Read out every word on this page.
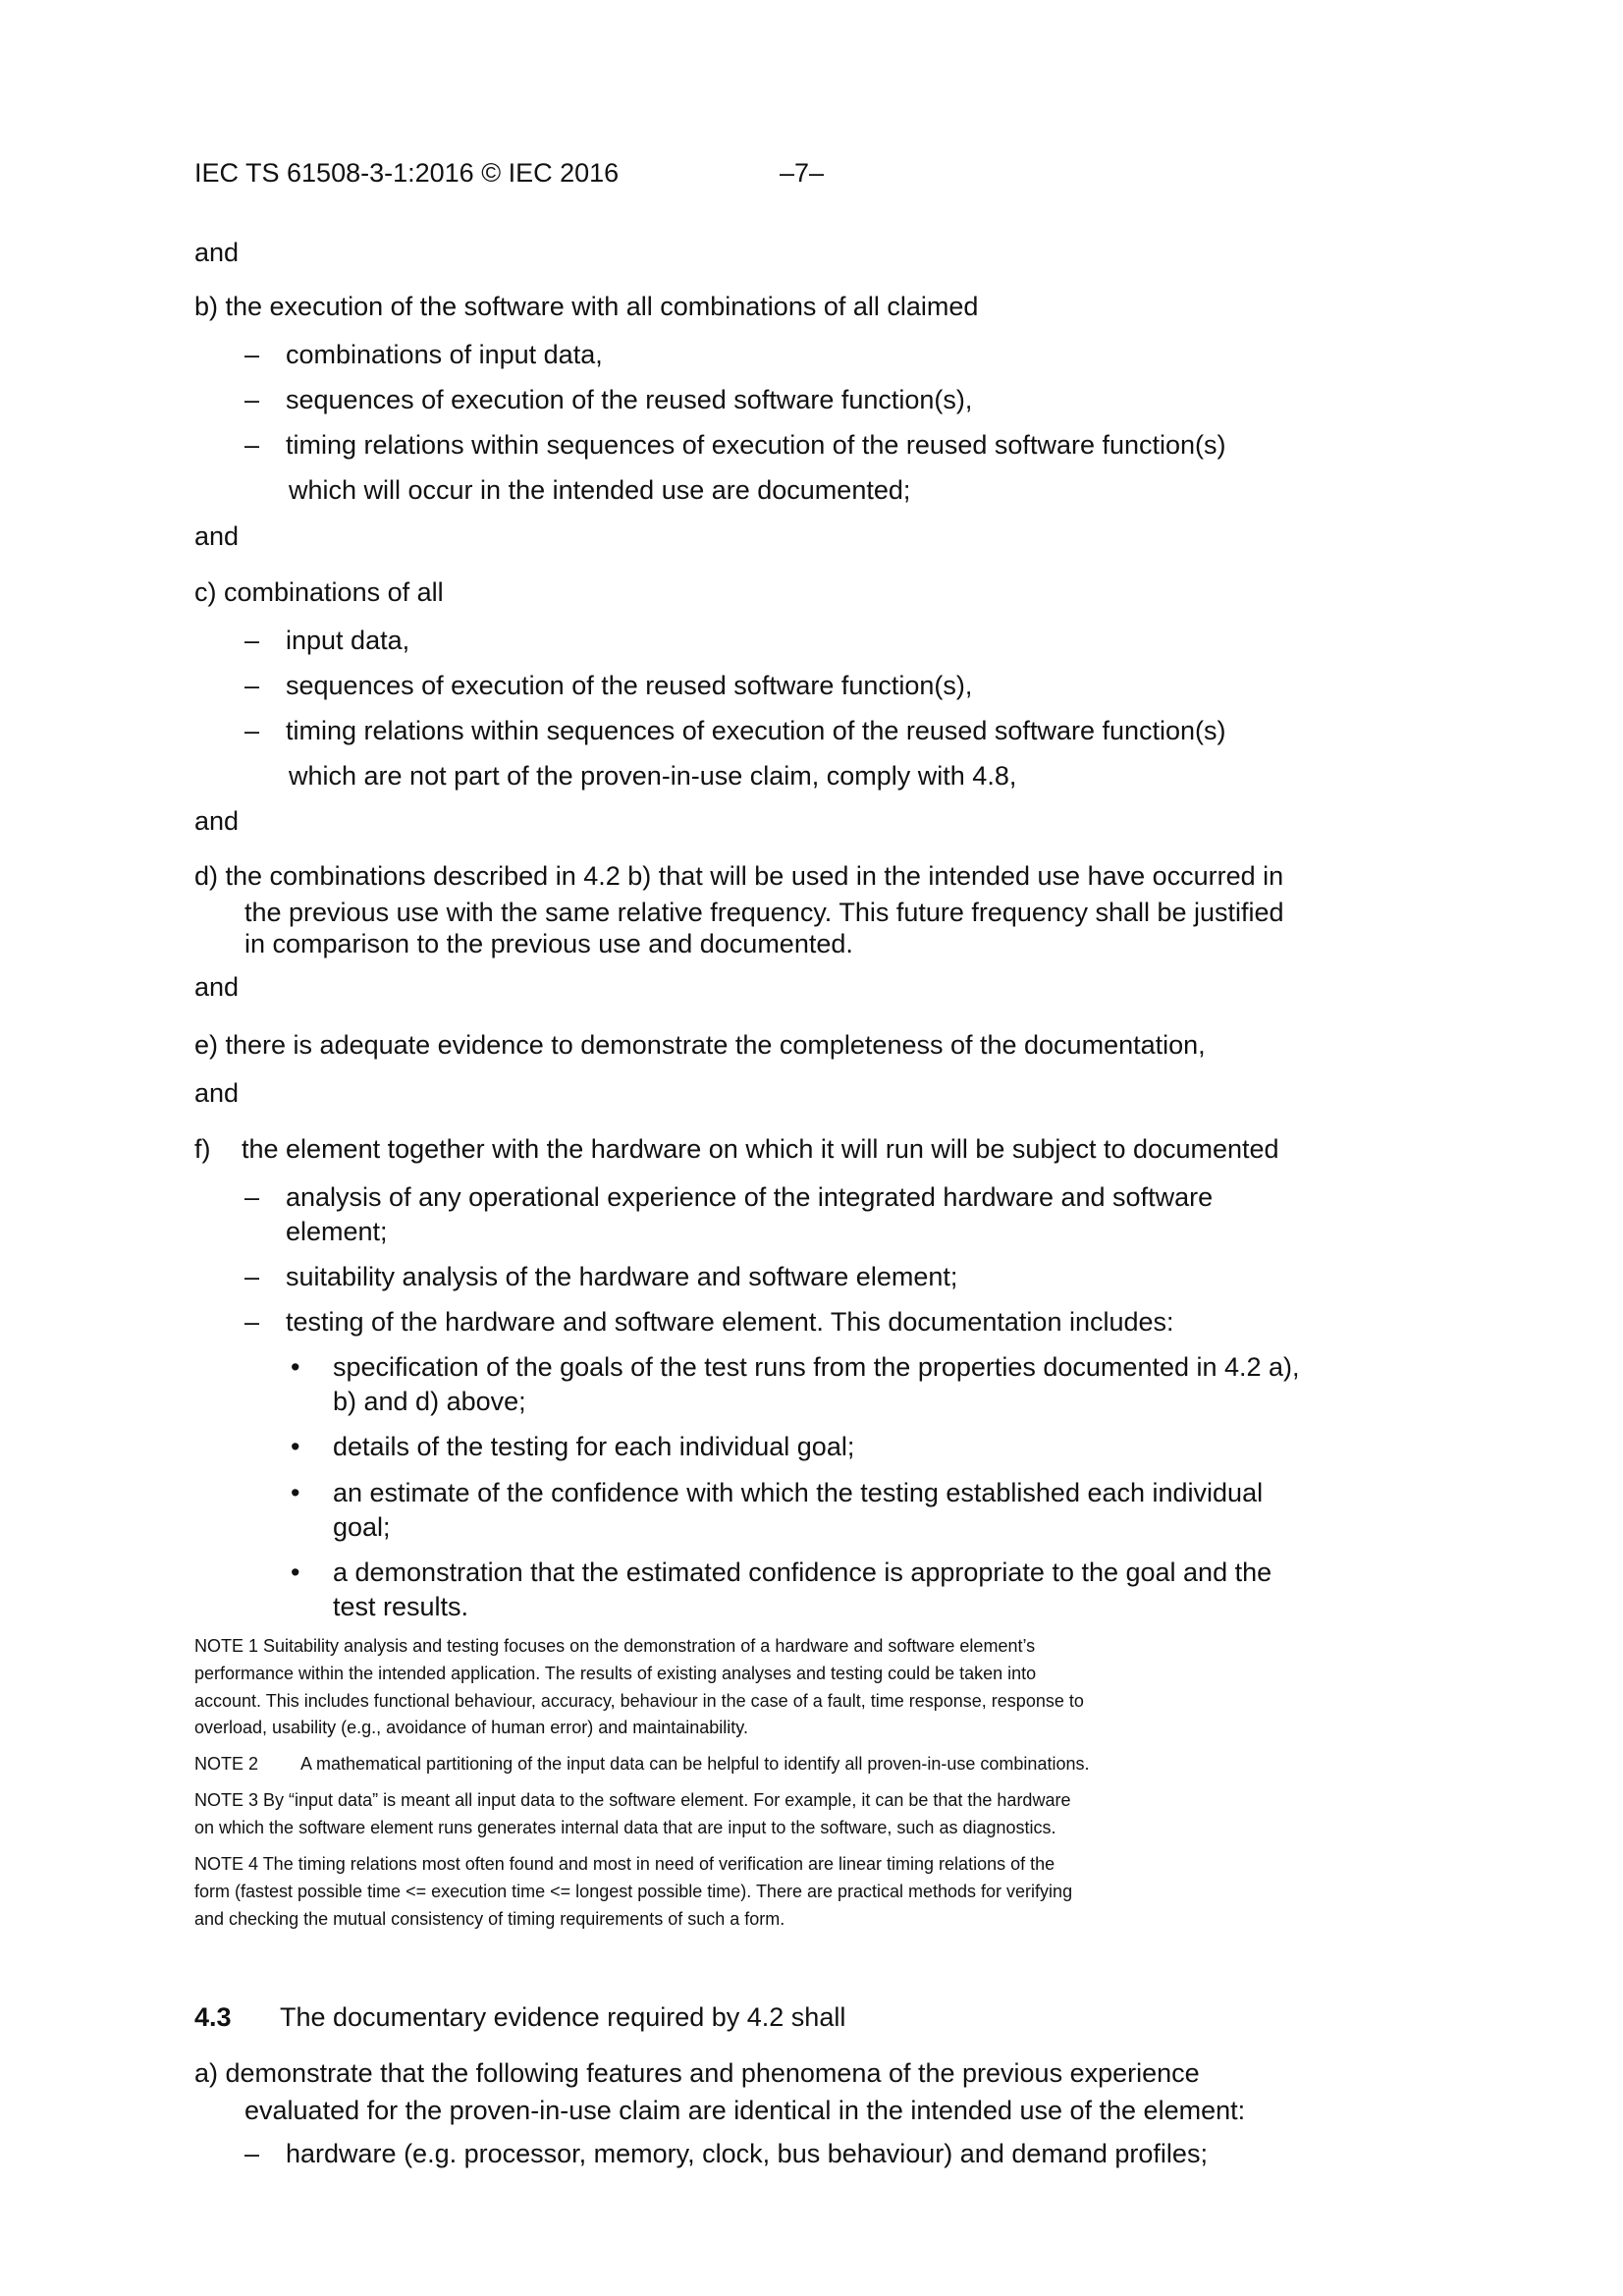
IEC TS 61508-3-1:2016 © IEC 2016	–7–
and
b) the execution of the software with all combinations of all claimed
– combinations of input data,
– sequences of execution of the reused software function(s),
– timing relations within sequences of execution of the reused software function(s)
which will occur in the intended use are documented;
and
c) combinations of all
– input data,
– sequences of execution of the reused software function(s),
– timing relations within sequences of execution of the reused software function(s)
which are not part of the proven-in-use claim, comply with 4.8,
and
d) the combinations described in 4.2 b) that will be used in the intended use have occurred in
the previous use with the same relative frequency. This future frequency shall be justified
in comparison to the previous use and documented.
and
e) there is adequate evidence to demonstrate the completeness of the documentation,
and
f) the element together with the hardware on which it will run will be subject to documented
– analysis of any operational experience of the integrated hardware and software
element;
– suitability analysis of the hardware and software element;
– testing of the hardware and software element. This documentation includes:
• specification of the goals of the test runs from the properties documented in 4.2 a),
b) and d) above;
• details of the testing for each individual goal;
• an estimate of the confidence with which the testing established each individual
goal;
• a demonstration that the estimated confidence is appropriate to the goal and the
test results.
NOTE 1 Suitability analysis and testing focuses on the demonstration of a hardware and software element’s
performance within the intended application. The results of existing analyses and testing could be taken into
account. This includes functional behaviour, accuracy, behaviour in the case of a fault, time response, response to
overload, usability (e.g., avoidance of human error) and maintainability.
NOTE 2 A mathematical partitioning of the input data can be helpful to identify all proven-in-use combinations.
NOTE 3 By “input data” is meant all input data to the software element. For example, it can be that the hardware
on which the software element runs generates internal data that are input to the software, such as diagnostics.
NOTE 4 The timing relations most often found and most in need of verification are linear timing relations of the
form (fastest possible time <= execution time <= longest possible time). There are practical methods for verifying
and checking the mutual consistency of timing requirements of such a form.
4.3 The documentary evidence required by 4.2 shall
a) demonstrate that the following features and phenomena of the previous experience
evaluated for the proven-in-use claim are identical in the intended use of the element:
– hardware (e.g. processor, memory, clock, bus behaviour) and demand profiles;
